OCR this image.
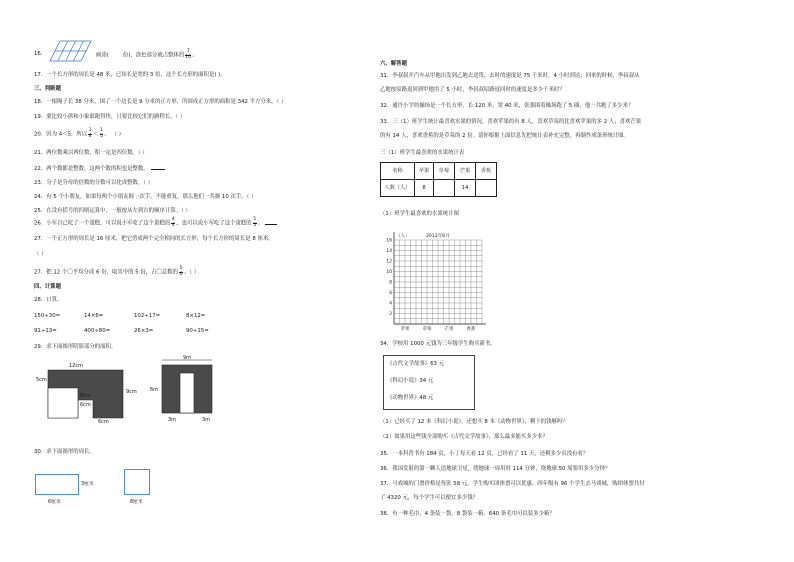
16．	画涂(	份)，涂色部分就占整体的 $\frac{7}{10}$ 。
17．一个长方形的周长是 48 米，已知长是宽的 3 倍，这个长方形的面积是( )。
三、判断题
18．一根绳子长 38 分米，围了一个边长是 9 分米的正方形，所围成正方形的面积是 342 平方分米。（ ）
19．要比较小熊和小象谁跑得快，只要比较它们的路程长。（ ）
20．因为 4＜5，所以 $\frac{1}{4} < \frac{1}{5}$ 。 （ ）
21．两位数乘以两位数，积一定是四位数。（ ）
22．两个数都是整数，这两个数的积也是整数。
23．分子是分母的倍数的分数可以化成整数。（ ）
24．有 5 个小朋友，如果每两个小朋友握一次手，不能重复，那么他们一共握 10 次手。（ ）
25．在没有括号的四则运算中，一般按从左到右的顺序计算。（ ）
26．小军自己吃了一个蛋糕，可以说小军吃了这个蛋糕的 $\frac{4}{4}$ ，也可以说小军吃了这个蛋糕的 $\frac{5}{5}$ 。
27．一个正方形的周长是 16 厘米，把它剪成两个完全相同的长方形，每个长方形的周长是 8 厘米。
（ ）
27．把 12 个〇平均分成 6 份，取其中的 5 份，占〇总数的 $\frac{5}{6}$ 。（ ）
四、计算题
28．口算。
150÷30=	14×6=	102÷17=	8×12=
91÷13=	400÷80=	26×3=	90÷15=
29．求下面图形阴影部分的面积。
12cm
5cm
9cm
6cm
6cm
6cm
9m
6m
3m	3m
30．求下面图形的周长。
3厘米
6厘米	8厘米
六、解答题
31．李叔叔开汽车从甲地出发到乙地去送货，去时的速度是 75 千米时，4 小时到达；回来的时候，李叔叔从
乙地按原路返回到甲地用了 5 小时，李叔叔原路返回时的速度是多少千米时？
32．通许小学的操场是一个长方形，长 120 米，宽 40 米，张强围着操场跑了 5 圈，他一共跑了多少米？
33．三（1）班学生统计最喜欢水果的情况，喜欢苹果的有 8 人，喜欢草莓的比喜欢苹果的多 2 人；喜欢芒果
的有 14 人，喜欢香蕉的是草莓的 2 倍。请你根据上面信息先把统计表补充完整，再制作成条形统计图。
三（1）班学生最喜欢的水果统计表
名称	苹果	草莓	芒果	香蕉
人数（人）	8		14	
（1）班学生最喜欢的水果统计图
（人）	2012年6月
2
4
6
8
10
12
14
16
苹果	草莓	芒果	香蕉
34．学校用 1000 元钱为三年级学生购买新书。
《古代文学故事》63 元
《科幻小说》34 元
《动物世界》48 元
（1）已经买了 12 本《科幻小说》，还想买 8 本《动物世界》，剩下的钱够吗？
（2）如果用这些钱全部购买《古代文学故事》，那么最多能买多少本？
35．一本科普书有 184 页，小丁每天看 12 页，已经看了 11 天，还剩多少页没有看？
36．我国发射的第一颗人造地球卫星，绕地球一周用时 114 分钟，绕地球 50 周要用多少分钟？
37．马戏城的门票价格是每张 58 元，学生购买团体票可以优惠。四年级有 96 个学生去马戏城，购团体票共付
了 4320 元，每个学生可以便宜多少钱？
38．有一种毛巾，4 条装一袋，8 袋装一箱。640 条毛巾可以装多少箱？
